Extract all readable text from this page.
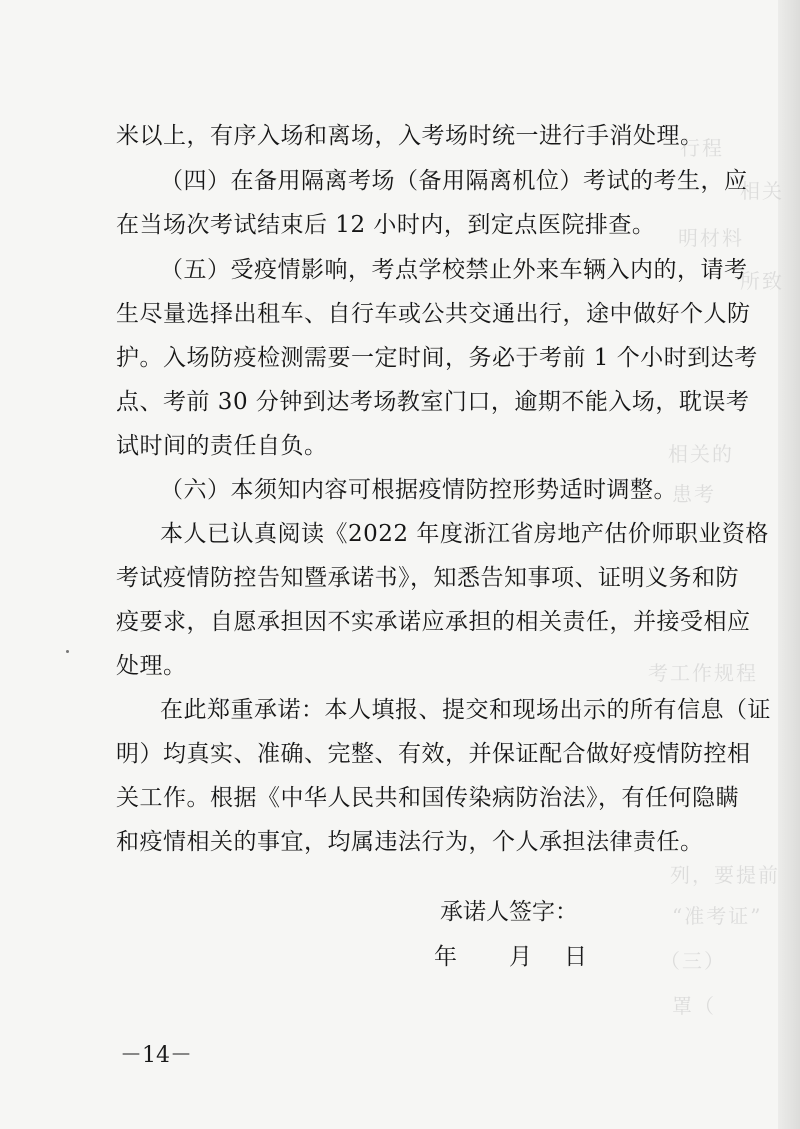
行程
相关
明材料
所致
相关的
患考
考工作规程
列，要提前
“准考证”
（三）
罩（
米以上，有序入场和离场，入考场时统一进行手消处理。
（四）在备用隔离考场（备用隔离机位）考试的考生，应
在当场次考试结束后 12 小时内，到定点医院排查。
（五）受疫情影响，考点学校禁止外来车辆入内的，请考
生尽量选择出租车、自行车或公共交通出行，途中做好个人防
护。入场防疫检测需要一定时间，务必于考前 1 个小时到达考
点、考前 30 分钟到达考场教室门口，逾期不能入场，耽误考
试时间的责任自负。
（六）本须知内容可根据疫情防控形势适时调整。
本人已认真阅读《2022 年度浙江省房地产估价师职业资格
考试疫情防控告知暨承诺书》，知悉告知事项、证明义务和防
疫要求，自愿承担因不实承诺应承担的相关责任，并接受相应
处理。
在此郑重承诺：本人填报、提交和现场出示的所有信息（证
明）均真实、准确、完整、有效，并保证配合做好疫情防控相
关工作。根据《中华人民共和国传染病防治法》，有任何隐瞒
和疫情相关的事宜，均属违法行为，个人承担法律责任。
承诺人签字：
年 月 日
－14－
